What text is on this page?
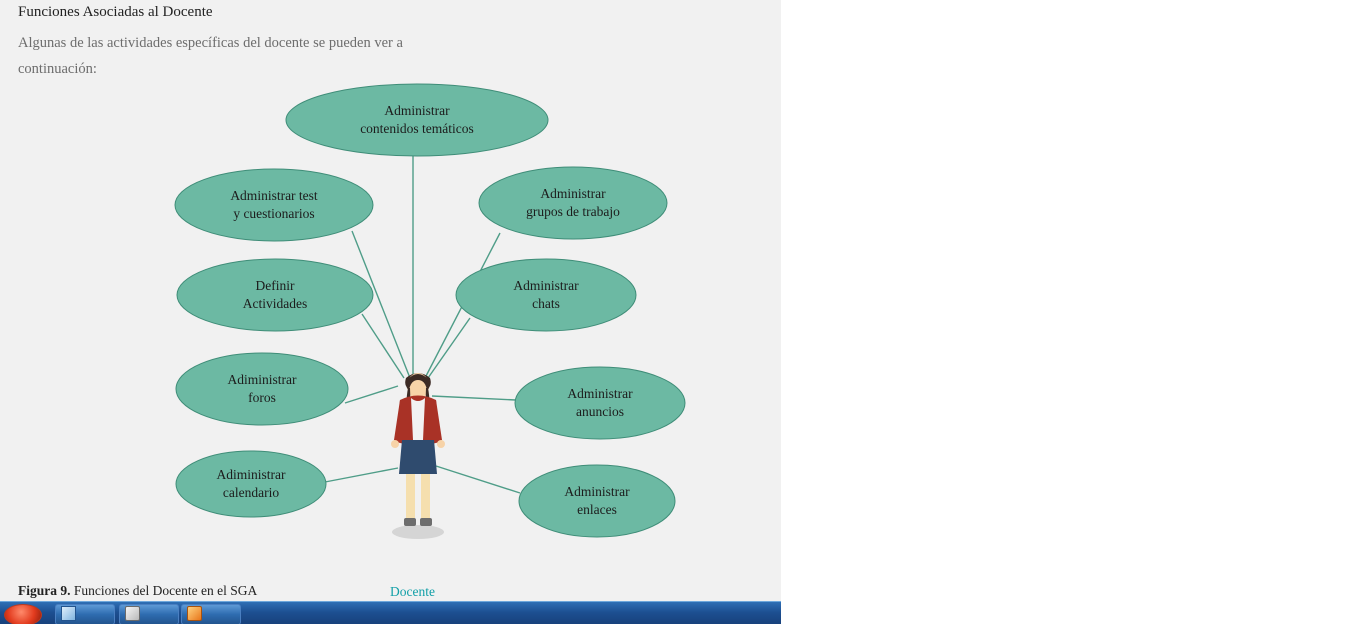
Funciones Asociadas al Docente
Algunas de las actividades específicas del docente se pueden ver a continuación:
Administrar
contenidos temáticos
Administrar test
y cuestionarios
Administrar
grupos de trabajo
Definir
Actividades
Administrar
chats
Adiministrar
foros	Administrar
anuncios
Adiministrar
calendario	Administrar
enlaces
Figura 9. Funciones del Docente en el SGA	Docente
